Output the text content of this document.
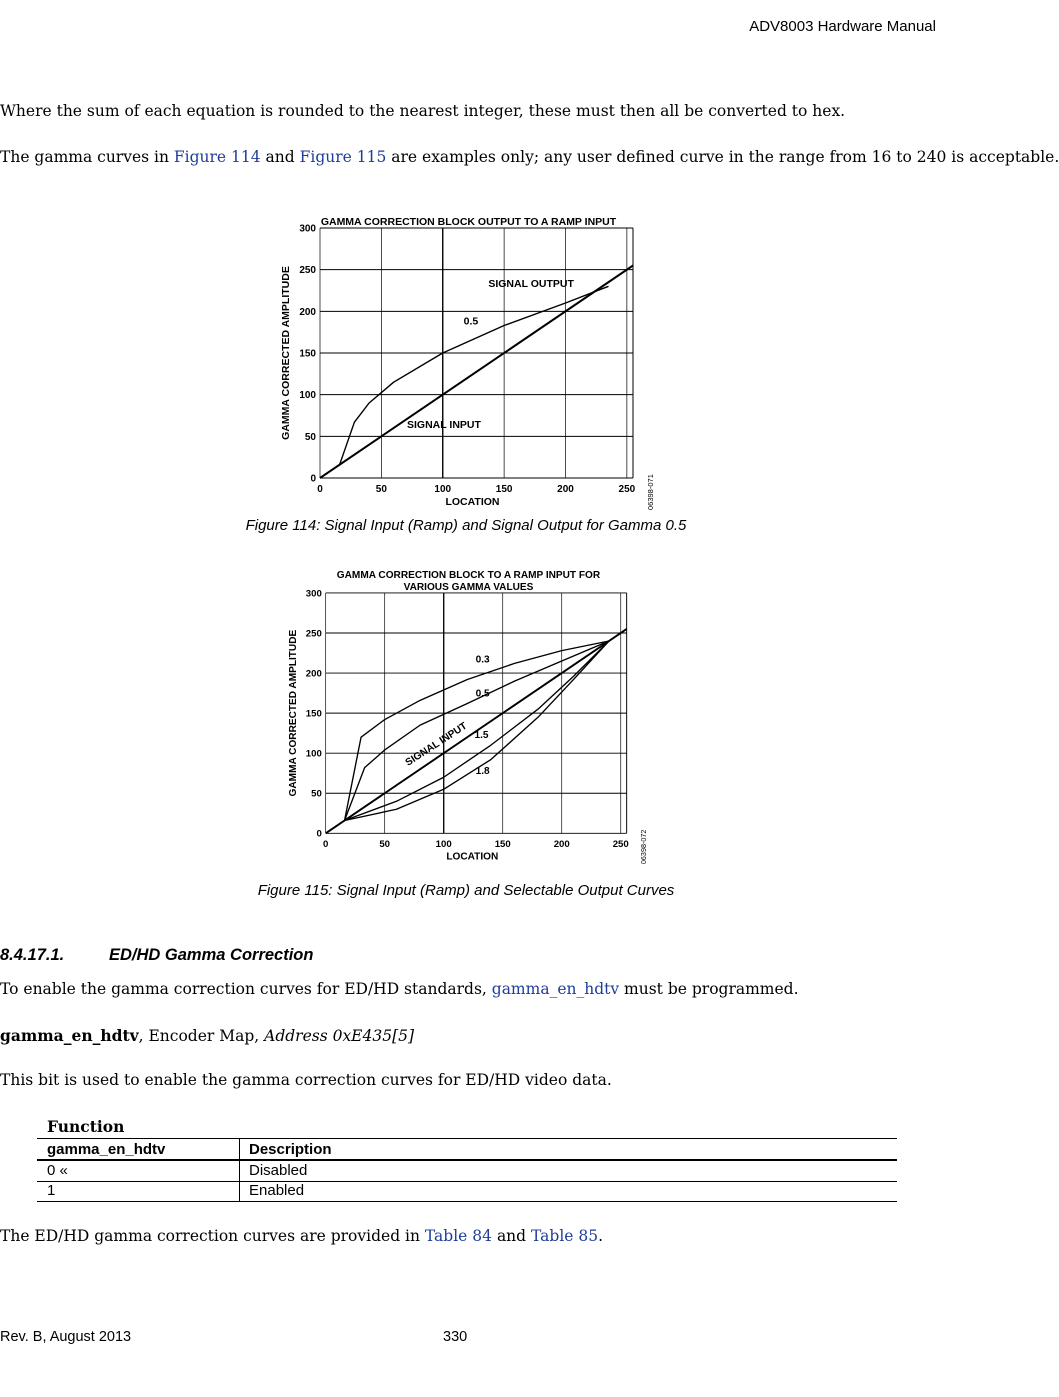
ADV8003 Hardware Manual
Where the sum of each equation is rounded to the nearest integer, these must then all be converted to hex.
The gamma curves in Figure 114 and Figure 115 are examples only; any user defined curve in the range from 16 to 240 is acceptable.
0	50	100	150	200	250
0
50
100
150
200
250
300
LOCATION
GAMMA CORRECTED AMPLITUDE
GAMMA CORRECTION BLOCK OUTPUT TO A RAMP INPUT
SIGNAL OUTPUT
0.5
SIGNAL INPUT
06398-071
Figure 114: Signal Input (Ramp) and Signal Output for Gamma 0.5
0	50	100	150	200	250
0
50
100
150
200
250
300
LOCATION
GAMMA CORRECTED AMPLITUDE
GAMMA CORRECTION BLOCK TO A RAMP INPUT FOR
VARIOUS GAMMA VALUES
0.3
0.5
SIGNAL INPUT 1.5
1.8
06398-072
Figure 115: Signal Input (Ramp) and Selectable Output Curves
8.4.17.1.	ED/HD Gamma Correction
To enable the gamma correction curves for ED/HD standards, gamma_en_hdtv must be programmed.
gamma_en_hdtv, Encoder Map, Address 0xE435[5]
This bit is used to enable the gamma correction curves for ED/HD video data.
Function
gamma_en_hdtv	Description
0 «	Disabled
1	Enabled
The ED/HD gamma correction curves are provided in Table 84 and Table 85.
Rev. B, August 2013	330
